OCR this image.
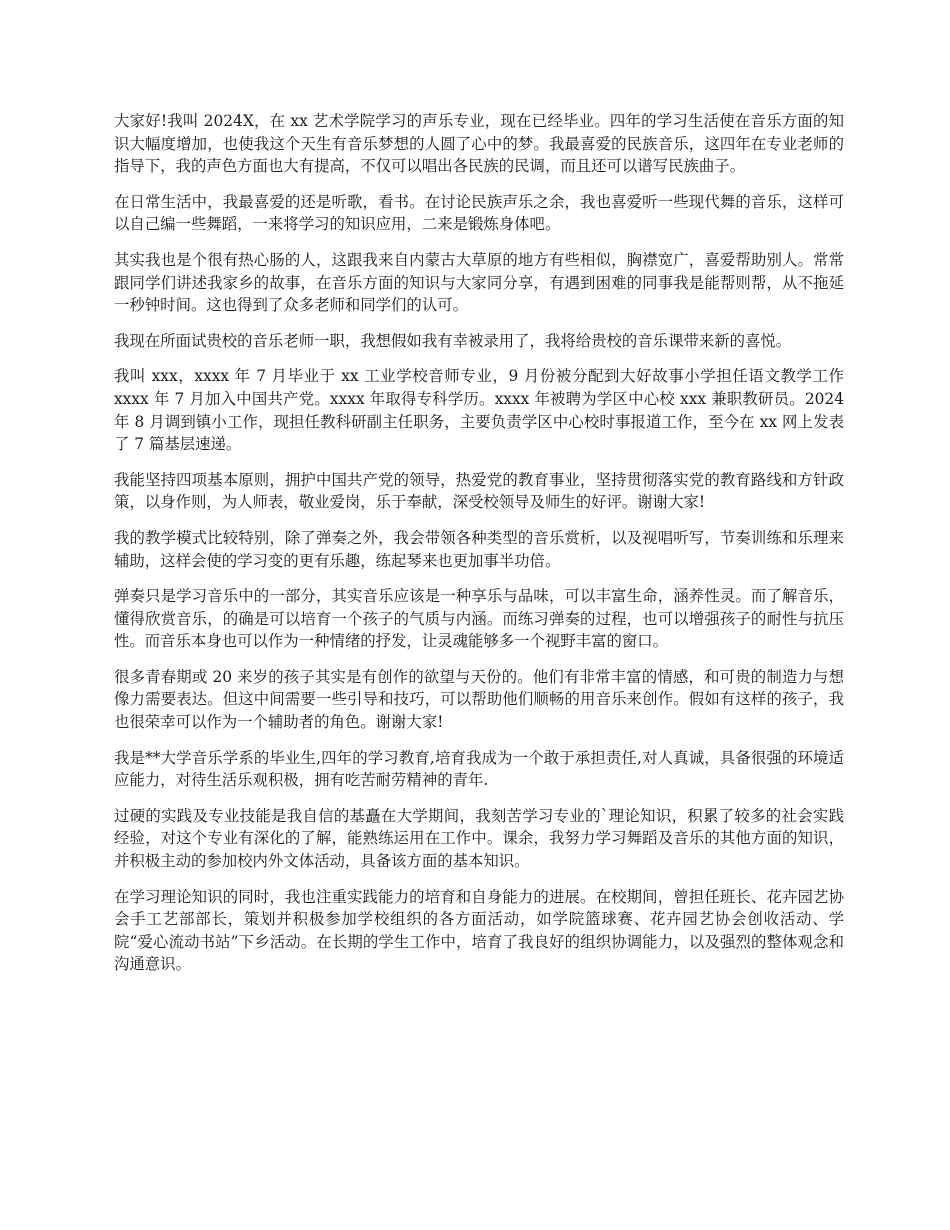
大家好!我叫 2024X，在 xx 艺术学院学习的声乐专业，现在已经毕业。四年的学习生活使在音乐方面的知识大幅度增加，也使我这个天生有音乐梦想的人圆了心中的梦。我最喜爱的民族音乐，这四年在专业老师的指导下，我的声色方面也大有提高，不仅可以唱出各民族的民调，而且还可以谱写民族曲子。

在日常生活中，我最喜爱的还是听歌，看书。在讨论民族声乐之余，我也喜爱听一些现代舞的音乐，这样可以自己编一些舞蹈，一来将学习的知识应用，二来是锻炼身体吧。

其实我也是个很有热心肠的人，这跟我来自内蒙古大草原的地方有些相似，胸襟宽广，喜爱帮助别人。常常跟同学们讲述我家乡的故事，在音乐方面的知识与大家同分享，有遇到困难的同事我是能帮则帮，从不拖延一秒钟时间。这也得到了众多老师和同学们的认可。

我现在所面试贵校的音乐老师一职，我想假如我有幸被录用了，我将给贵校的音乐课带来新的喜悦。

我叫 xxx，xxxx 年 7 月毕业于 xx 工业学校音师专业，9 月份被分配到大好故事小学担任语文教学工作 xxxx 年 7 月加入中国共产党。xxxx 年取得专科学历。xxxx 年被聘为学区中心校 xxx 兼职教研员。2024 年 8 月调到镇小工作，现担任教科研副主任职务，主要负责学区中心校时事报道工作，至今在 xx 网上发表了 7 篇基层速递。

我能坚持四项基本原则，拥护中国共产党的领导，热爱党的教育事业，坚持贯彻落实党的教育路线和方针政策，以身作则，为人师表，敬业爱岗，乐于奉献，深受校领导及师生的好评。谢谢大家!

我的教学模式比较特别，除了弹奏之外，我会带领各种类型的音乐赏析，以及视唱听写，节奏训练和乐理来辅助，这样会使的学习变的更有乐趣，练起琴来也更加事半功倍。

弹奏只是学习音乐中的一部分，其实音乐应该是一种享乐与品味，可以丰富生命，涵养性灵。而了解音乐，懂得欣赏音乐，的确是可以培育一个孩子的气质与内涵。而练习弹奏的过程，也可以增强孩子的耐性与抗压性。而音乐本身也可以作为一种情绪的抒发，让灵魂能够多一个视野丰富的窗口。

很多青春期或 20 来岁的孩子其实是有创作的欲望与天份的。他们有非常丰富的情感，和可贵的制造力与想像力需要表达。但这中间需要一些引导和技巧，可以帮助他们顺畅的用音乐来创作。假如有这样的孩子，我也很荣幸可以作为一个辅助者的角色。谢谢大家!

我是**大学音乐学系的毕业生,四年的学习教育,培育我成为一个敢于承担责任,对人真诚，具备很强的环境适应能力，对待生活乐观积极，拥有吃苦耐劳精神的青年.

过硬的实践及专业技能是我自信的基矗在大学期间，我刻苦学习专业的`理论知识，积累了较多的社会实践经验，对这个专业有深化的了解，能熟练运用在工作中。课余，我努力学习舞蹈及音乐的其他方面的知识，并积极主动的参加校内外文体活动，具备该方面的基本知识。

在学习理论知识的同时，我也注重实践能力的培育和自身能力的进展。在校期间，曾担任班长、花卉园艺协会手工艺部部长，策划并积极参加学校组织的各方面活动，如学院篮球赛、花卉园艺协会创收活动、学院“爱心流动书站”下乡活动。在长期的学生工作中，培育了我良好的组织协调能力，以及强烈的整体观念和沟通意识。
